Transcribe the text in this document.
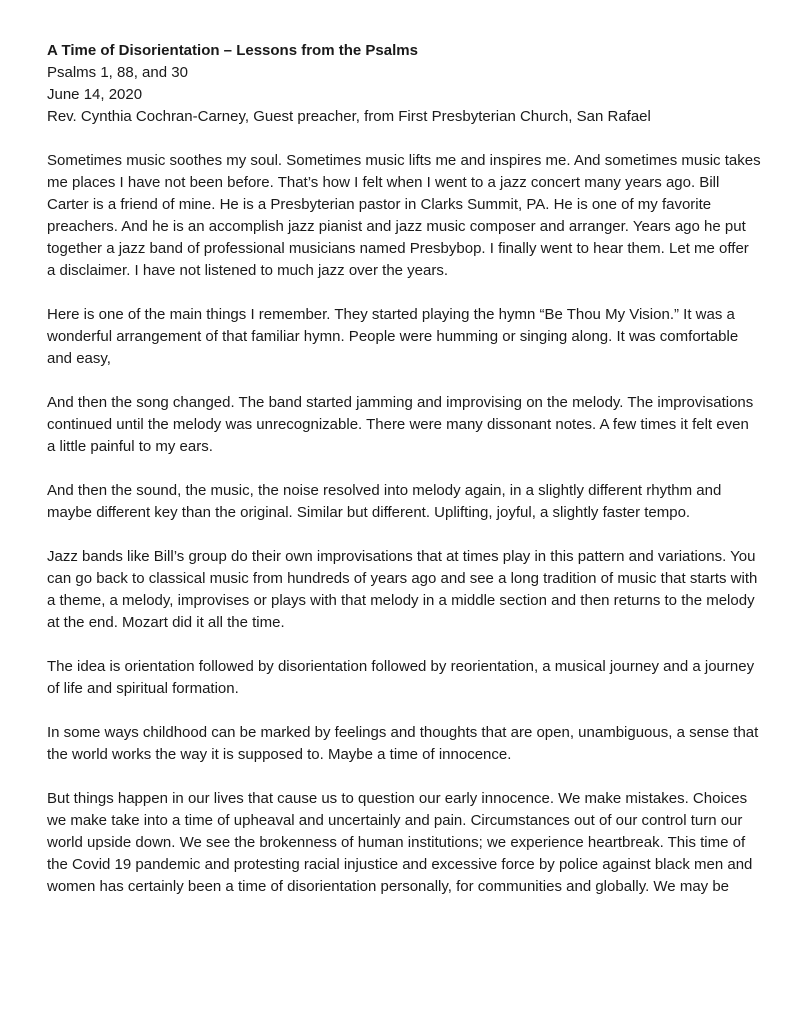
A Time of Disorientation – Lessons from the Psalms

Psalms 1, 88, and 30

June 14, 2020

Rev. Cynthia Cochran-Carney, Guest preacher, from First Presbyterian Church, San Rafael

Sometimes music soothes my soul. Sometimes music lifts me and inspires me. And sometimes music takes me places I have not been before. That’s how I felt when I went to a jazz concert many years ago. Bill Carter is a friend of mine. He is a Presbyterian pastor in Clarks Summit, PA. He is one of my favorite preachers. And he is an accomplish jazz pianist and jazz music composer and arranger. Years ago he put together a jazz band of professional musicians named Presbybop. I finally went to hear them. Let me offer a disclaimer. I have not listened to much jazz over the years.

Here is one of the main things I remember. They started playing the hymn “Be Thou My Vision.” It was a wonderful arrangement of that familiar hymn. People were humming or singing along. It was comfortable and easy,

And then the song changed. The band started jamming and improvising on the melody. The improvisations continued until the melody was unrecognizable. There were many dissonant notes. A few times it felt even a little painful to my ears.

And then the sound, the music, the noise resolved into melody again, in a slightly different rhythm and maybe different key than the original. Similar but different. Uplifting, joyful, a slightly faster tempo.

Jazz bands like Bill’s group do their own improvisations that at times play in this pattern and variations. You can go back to classical music from hundreds of years ago and see a long tradition of music that starts with a theme, a melody, improvises or plays with that melody in a middle section and then returns to the melody at the end. Mozart did it all the time.

The idea is orientation followed by disorientation followed by reorientation, a musical journey and a journey of life and spiritual formation.

In some ways childhood can be marked by feelings and thoughts that are open, unambiguous, a sense that the world works the way it is supposed to. Maybe a time of innocence.

But things happen in our lives that cause us to question our early innocence. We make mistakes. Choices we make take into a time of upheaval and uncertainly and pain. Circumstances out of our control turn our world upside down. We see the brokenness of human institutions; we experience heartbreak. This time of the Covid 19 pandemic and protesting racial injustice and excessive force by police against black men and women has certainly been a time of disorientation personally, for communities and globally. We may be
